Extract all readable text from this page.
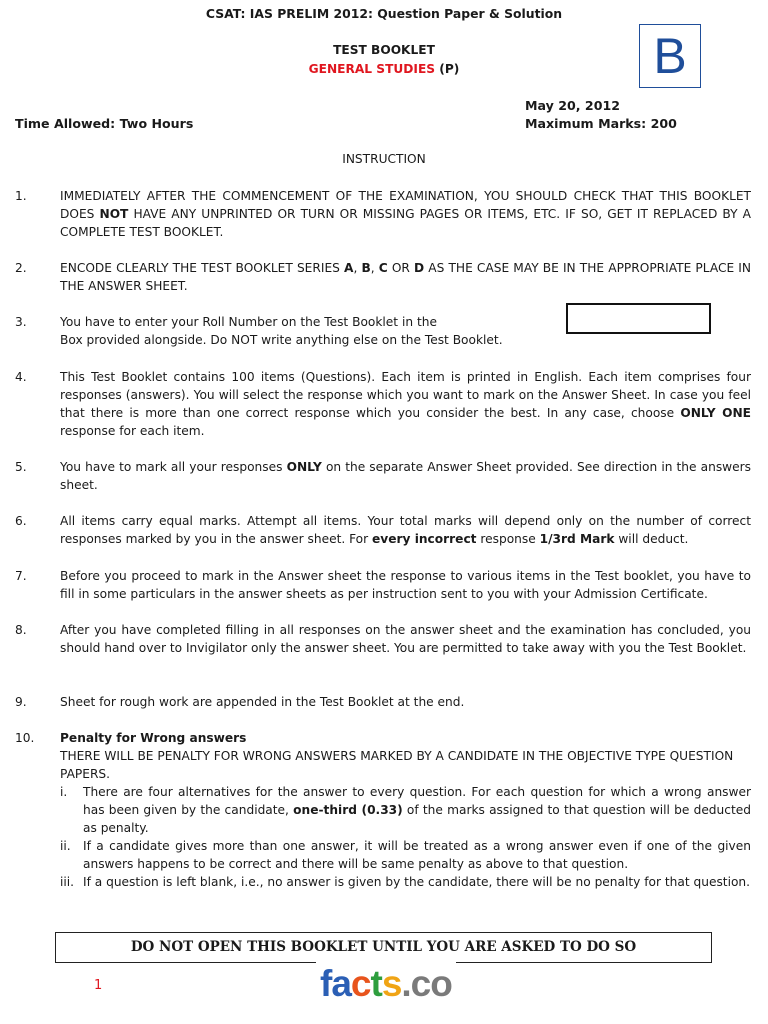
CSAT: IAS PRELIM 2012: Question Paper & Solution
TEST BOOKLET
GENERAL STUDIES (P)	B
May 20, 2012
Maximum Marks: 200
Time Allowed: Two Hours
INSTRUCTION
1.	IMMEDIATELY AFTER THE COMMENCEMENT OF THE EXAMINATION, YOU SHOULD CHECK THAT THIS BOOKLET DOES NOT HAVE ANY UNPRINTED OR TURN OR MISSING PAGES OR ITEMS, ETC. IF SO, GET IT REPLACED BY A COMPLETE TEST BOOKLET.
2.	ENCODE CLEARLY THE TEST BOOKLET SERIES A, B, C OR D AS THE CASE MAY BE IN THE APPROPRIATE PLACE IN THE ANSWER SHEET.
3.	You have to enter your Roll Number on the Test Booklet in the
Box provided alongside. Do NOT write anything else on the Test Booklet.
4.	This Test Booklet contains 100 items (Questions). Each item is printed in English. Each item comprises four responses (answers). You will select the response which you want to mark on the Answer Sheet. In case you feel that there is more than one correct response which you consider the best. In any case, choose ONLY ONE response for each item.
5.	You have to mark all your responses ONLY on the separate Answer Sheet provided. See direction in the answers sheet.
6.	All items carry equal marks. Attempt all items. Your total marks will depend only on the number of correct responses marked by you in the answer sheet. For every incorrect response 1/3rd Mark will deduct.
7.	Before you proceed to mark in the Answer sheet the response to various items in the Test booklet, you have to fill in some particulars in the answer sheets as per instruction sent to you with your Admission Certificate.
8.	After you have completed filling in all responses on the answer sheet and the examination has concluded, you should hand over to Invigilator only the answer sheet. You are permitted to take away with you the Test Booklet.
9.	Sheet for rough work are appended in the Test Booklet at the end.
10. Penalty for Wrong answers
THERE WILL BE PENALTY FOR WRONG ANSWERS MARKED BY A CANDIDATE IN THE OBJECTIVE TYPE QUESTION PAPERS.
i. There are four alternatives for the answer to every question. For each question for which a wrong answer has been given by the candidate, one-third (0.33) of the marks assigned to that question will be deducted as penalty.
ii. If a candidate gives more than one answer, it will be treated as a wrong answer even if one of the given answers happens to be correct and there will be same penalty as above to that question.
iii. If a question is left blank, i.e., no answer is given by the candidate, there will be no penalty for that question.
DO NOT OPEN THIS BOOKLET UNTIL YOU ARE ASKED TO DO SO
1	facts.co
